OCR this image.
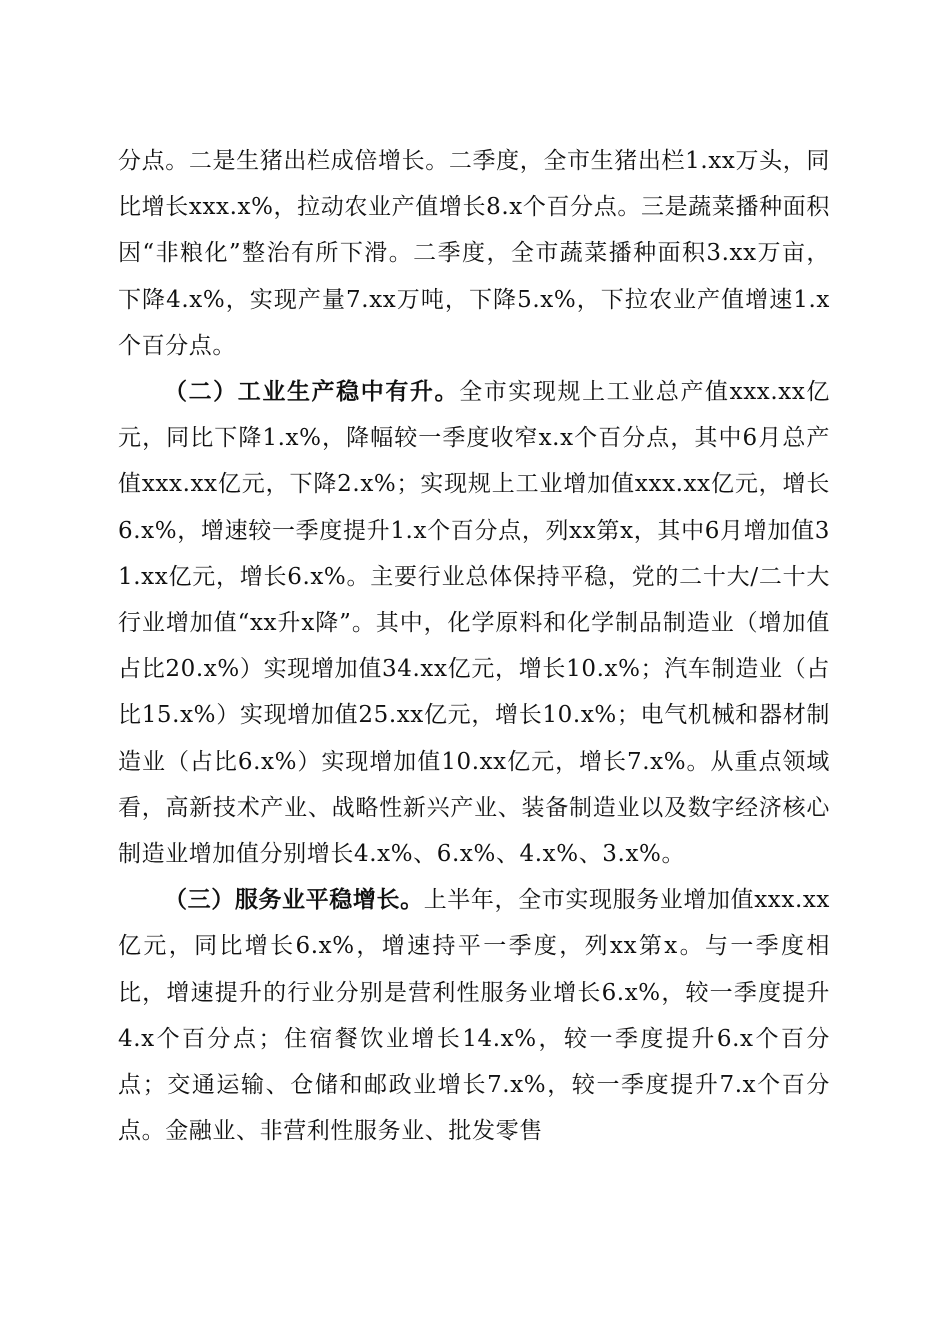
分点。二是生猪出栏成倍增长。二季度，全市生猪出栏1.xx万头，同比增长xxx.x%，拉动农业产值增长8.x个百分点。三是蔬菜播种面积因“非粮化”整治有所下滑。二季度，全市蔬菜播种面积3.xx万亩，下降4.x%，实现产量7.xx万吨，下降5.x%，下拉农业产值增速1.x个百分点。

（二）工业生产稳中有升。全市实现规上工业总产值xxx.xx亿元，同比下降1.x%，降幅较一季度收窄x.x个百分点，其中6月总产值xxx.xx亿元，下降2.x%；实现规上工业增加值xxx.xx亿元，增长6.x%，增速较一季度提升1.x个百分点，列xx第x，其中6月增加值31.xx亿元，增长6.x%。主要行业总体保持平稳，党的二十大/二十大行业增加值“xx升x降”。其中，化学原料和化学制品制造业（增加值占比20.x%）实现增加值34.xx亿元，增长10.x%；汽车制造业（占比15.x%）实现增加值25.xx亿元，增长10.x%；电气机械和器材制造业（占比6.x%）实现增加值10.xx亿元，增长7.x%。从重点领域看，高新技术产业、战略性新兴产业、装备制造业以及数字经济核心制造业增加值分别增长4.x%、6.x%、4.x%、3.x%。

（三）服务业平稳增长。上半年，全市实现服务业增加值xxx.xx亿元，同比增长6.x%，增速持平一季度，列xx第x。与一季度相比，增速提升的行业分别是营利性服务业增长6.x%，较一季度提升4.x个百分点；住宿餐饮业增长14.x%，较一季度提升6.x个百分点；交通运输、仓储和邮政业增长7.x%，较一季度提升7.x个百分点。金融业、非营利性服务业、批发零售
